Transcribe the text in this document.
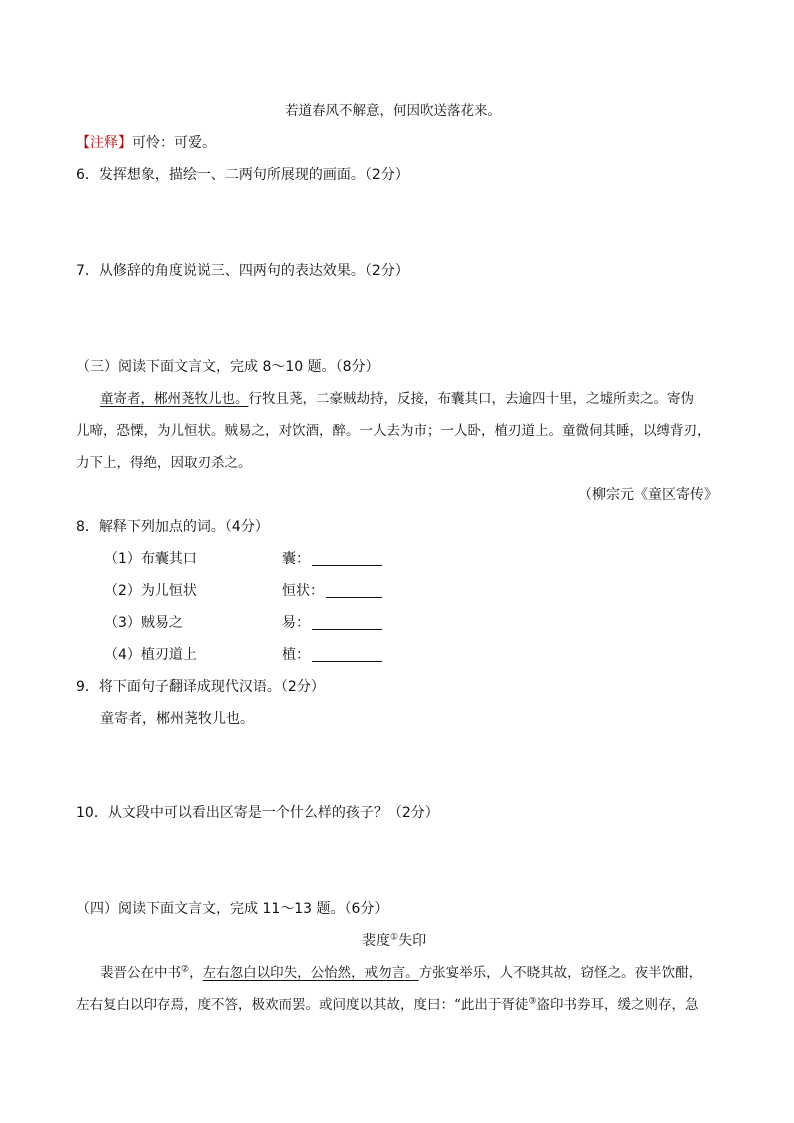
若道春风不解意，何因吹送落花来。
【注释】可怜：可爱。
6．发挥想象，描绘一、二两句所展现的画面。（2分）
7．从修辞的角度说说三、四两句的表达效果。（2分）
（三）阅读下面文言文，完成 8～10 题。（8分）
童寄者，郴州荛牧儿也。行牧且荛，二豪贼劫持，反接，布囊其口，去逾四十里，之墟所卖之。寄伪
儿啼，恐慄，为儿恒状。贼易之，对饮酒，醉。一人去为市；一人卧，植刃道上。童微伺其睡，以缚背刃，
力下上，得绝，因取刃杀之。
（柳宗元《童区寄传》
8．解释下列加点的词。（4分）
（1）布囊其口	囊：
（2）为儿恒状	恒状：
（3）贼易之	易：
（4）植刃道上	植：
9．将下面句子翻译成现代汉语。（2分）
童寄者，郴州荛牧儿也。
10．从文段中可以看出区寄是一个什么样的孩子？（2分）
（四）阅读下面文言文，完成 11～13 题。（6分）
裴度①失印
裴晋公在中书②，左右忽白以印失，公怡然，戒勿言。方张宴举乐，人不晓其故，窃怪之。夜半饮酣，
左右复白以印存焉，度不答，极欢而罢。或问度以其故，度曰：“此出于胥徒③盗印书券耳，缓之则存，急
